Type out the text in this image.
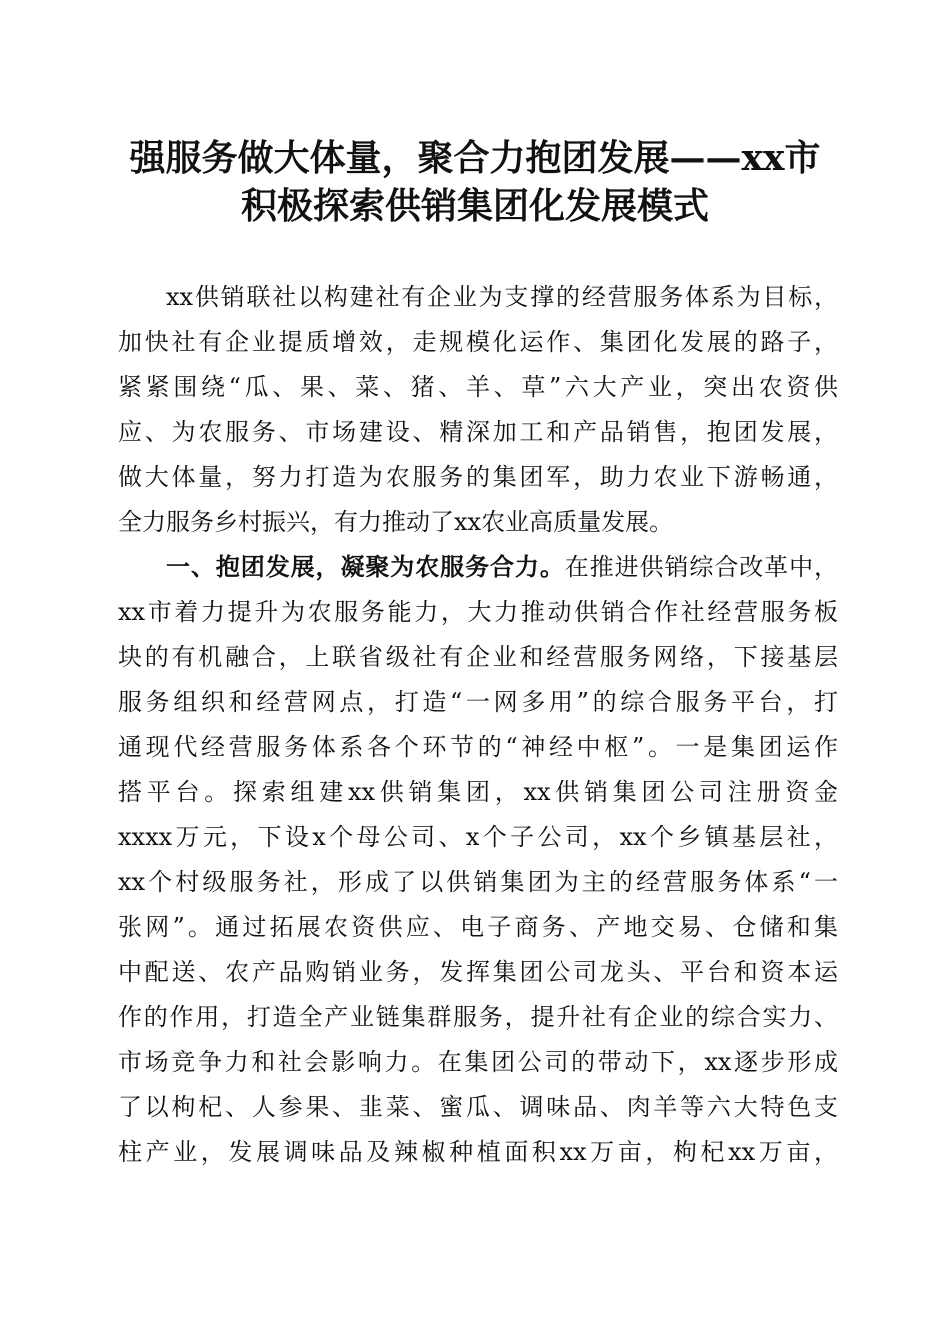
强服务做大体量，聚合力抱团发展——xx市
积极探索供销集团化发展模式
xx供销联社以构建社有企业为支撑的经营服务体系为目标，
加快社有企业提质增效，走规模化运作、集团化发展的路子，
紧紧围绕“瓜、果、菜、猪、羊、草”六大产业，突出农资供
应、为农服务、市场建设、精深加工和产品销售，抱团发展，
做大体量，努力打造为农服务的集团军，助力农业下游畅通，
全力服务乡村振兴，有力推动了xx农业高质量发展。
一、抱团发展，凝聚为农服务合力。在推进供销综合改革中，
xx市着力提升为农服务能力，大力推动供销合作社经营服务板
块的有机融合，上联省级社有企业和经营服务网络，下接基层
服务组织和经营网点，打造“一网多用”的综合服务平台，打
通现代经营服务体系各个环节的“神经中枢”。一是集团运作
搭平台。探索组建xx供销集团，xx供销集团公司注册资金
xxxx万元，下设x个母公司、x个子公司，xx个乡镇基层社，
xx个村级服务社，形成了以供销集团为主的经营服务体系“一
张网”。通过拓展农资供应、电子商务、产地交易、仓储和集
中配送、农产品购销业务，发挥集团公司龙头、平台和资本运
作的作用，打造全产业链集群服务，提升社有企业的综合实力、
市场竞争力和社会影响力。在集团公司的带动下，xx逐步形成
了以枸杞、人参果、韭菜、蜜瓜、调味品、肉羊等六大特色支
柱产业，发展调味品及辣椒种植面积xx万亩，枸杞xx万亩，
